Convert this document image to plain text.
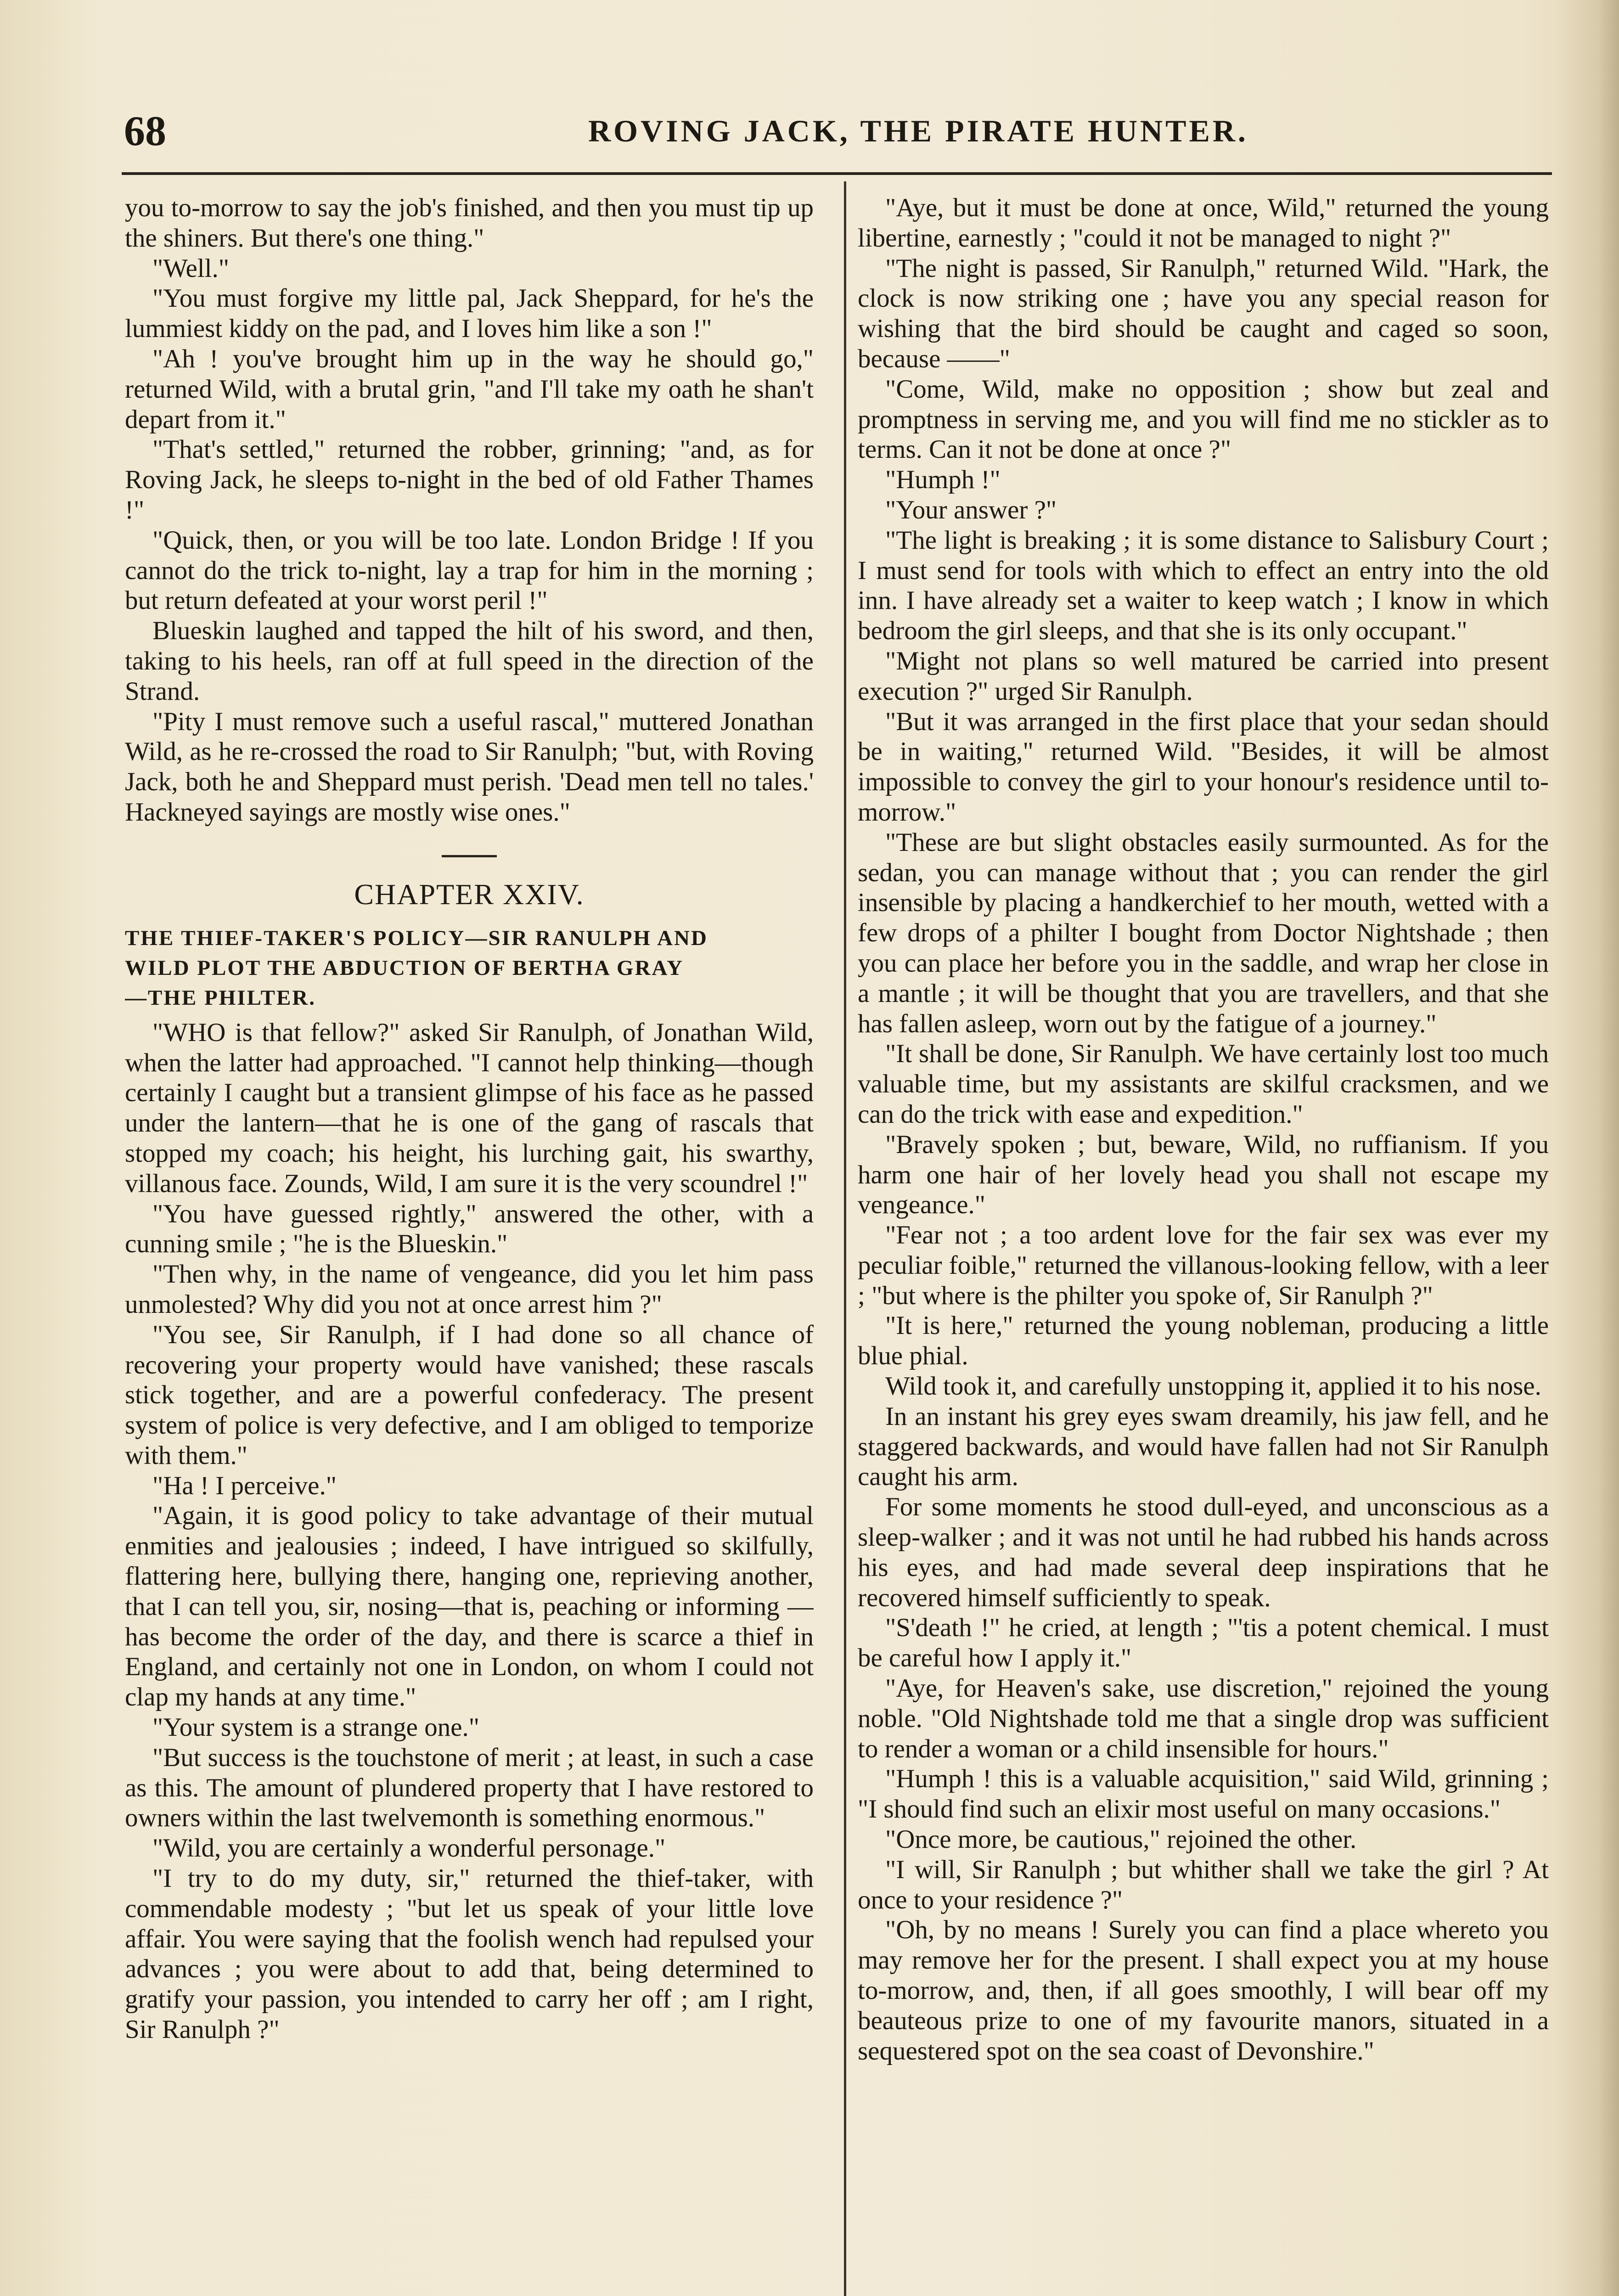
68	ROVING JACK, THE PIRATE HUNTER.

you to-morrow to say the job's finished, and then you must tip up the shiners. But there's one thing."

"Well."

"You must forgive my little pal, Jack Sheppard, for he's the lummiest kiddy on the pad, and I loves him like a son !"

"Ah ! you've brought him up in the way he should go," returned Wild, with a brutal grin, "and I'll take my oath he shan't depart from it."

"That's settled," returned the robber, grinning; "and, as for Roving Jack, he sleeps to-night in the bed of old Father Thames !"

"Quick, then, or you will be too late. London Bridge ! If you cannot do the trick to-night, lay a trap for him in the morning ; but return defeated at your worst peril !"

Blueskin laughed and tapped the hilt of his sword, and then, taking to his heels, ran off at full speed in the direction of the Strand.

"Pity I must remove such a useful rascal," muttered Jonathan Wild, as he re-crossed the road to Sir Ranulph; "but, with Roving Jack, both he and Sheppard must perish. 'Dead men tell no tales.' Hackneyed sayings are mostly wise ones."

CHAPTER XXIV.
THE THIEF-TAKER'S POLICY—SIR RANULPH AND
WILD PLOT THE ABDUCTION OF BERTHA GRAY
—THE PHILTER.

"WHO is that fellow?" asked Sir Ranulph, of Jonathan Wild, when the latter had approached. "I cannot help thinking—though certainly I caught but a transient glimpse of his face as he passed under the lantern—that he is one of the gang of rascals that stopped my coach; his height, his lurching gait, his swarthy, villanous face. Zounds, Wild, I am sure it is the very scoundrel !"

"You have guessed rightly," answered the other, with a cunning smile ; "he is the Blueskin."

"Then why, in the name of vengeance, did you let him pass unmolested? Why did you not at once arrest him ?"

"You see, Sir Ranulph, if I had done so all chance of recovering your property would have vanished; these rascals stick together, and are a powerful confederacy. The present system of police is very defective, and I am obliged to temporize with them."

"Ha ! I perceive."

"Again, it is good policy to take advantage of their mutual enmities and jealousies ; indeed, I have intrigued so skilfully, flattering here, bullying there, hanging one, reprieving another, that I can tell you, sir, nosing—that is, peaching or informing —has become the order of the day, and there is scarce a thief in England, and certainly not one in London, on whom I could not clap my hands at any time."

"Your system is a strange one."

"But success is the touchstone of merit ; at least, in such a case as this. The amount of plundered property that I have restored to owners within the last twelvemonth is something enormous."

"Wild, you are certainly a wonderful personage."

"I try to do my duty, sir," returned the thief-taker, with commendable modesty ; "but let us speak of your little love affair. You were saying that the foolish wench had repulsed your advances ; you were about to add that, being determined to gratify your passion, you intended to carry her off ; am I right, Sir Ranulph ?"

"Aye, but it must be done at once, Wild," returned the young libertine, earnestly ; "could it not be managed to night ?"

"The night is passed, Sir Ranulph," returned Wild. "Hark, the clock is now striking one ; have you any special reason for wishing that the bird should be caught and caged so soon, because ——"

"Come, Wild, make no opposition ; show but zeal and promptness in serving me, and you will find me no stickler as to terms. Can it not be done at once ?"

"Humph !"

"Your answer ?"

"The light is breaking ; it is some distance to Salisbury Court ; I must send for tools with which to effect an entry into the old inn. I have already set a waiter to keep watch ; I know in which bedroom the girl sleeps, and that she is its only occupant."

"Might not plans so well matured be carried into present execution ?" urged Sir Ranulph.

"But it was arranged in the first place that your sedan should be in waiting," returned Wild. "Besides, it will be almost impossible to convey the girl to your honour's residence until to-morrow."

"These are but slight obstacles easily surmounted. As for the sedan, you can manage without that ; you can render the girl insensible by placing a handkerchief to her mouth, wetted with a few drops of a philter I bought from Doctor Nightshade ; then you can place her before you in the saddle, and wrap her close in a mantle ; it will be thought that you are travellers, and that she has fallen asleep, worn out by the fatigue of a journey."

"It shall be done, Sir Ranulph. We have certainly lost too much valuable time, but my assistants are skilful cracksmen, and we can do the trick with ease and expedition."

"Bravely spoken ; but, beware, Wild, no ruffianism. If you harm one hair of her lovely head you shall not escape my vengeance."

"Fear not ; a too ardent love for the fair sex was ever my peculiar foible," returned the villanous-looking fellow, with a leer ; "but where is the philter you spoke of, Sir Ranulph ?"

"It is here," returned the young nobleman, producing a little blue phial.

Wild took it, and carefully unstopping it, applied it to his nose.

In an instant his grey eyes swam dreamily, his jaw fell, and he staggered backwards, and would have fallen had not Sir Ranulph caught his arm.

For some moments he stood dull-eyed, and unconscious as a sleep-walker ; and it was not until he had rubbed his hands across his eyes, and had made several deep inspirations that he recovered himself sufficiently to speak.

"S'death !" he cried, at length ; "'tis a potent chemical. I must be careful how I apply it."

"Aye, for Heaven's sake, use discretion," rejoined the young noble. "Old Nightshade told me that a single drop was sufficient to render a woman or a child insensible for hours."

"Humph ! this is a valuable acquisition," said Wild, grinning ; "I should find such an elixir most useful on many occasions."

"Once more, be cautious," rejoined the other.

"I will, Sir Ranulph ; but whither shall we take the girl ? At once to your residence ?"

"Oh, by no means ! Surely you can find a place whereto you may remove her for the present. I shall expect you at my house to-morrow, and, then, if all goes smoothly, I will bear off my beauteous prize to one of my favourite manors, situated in a sequestered spot on the sea coast of Devonshire."
